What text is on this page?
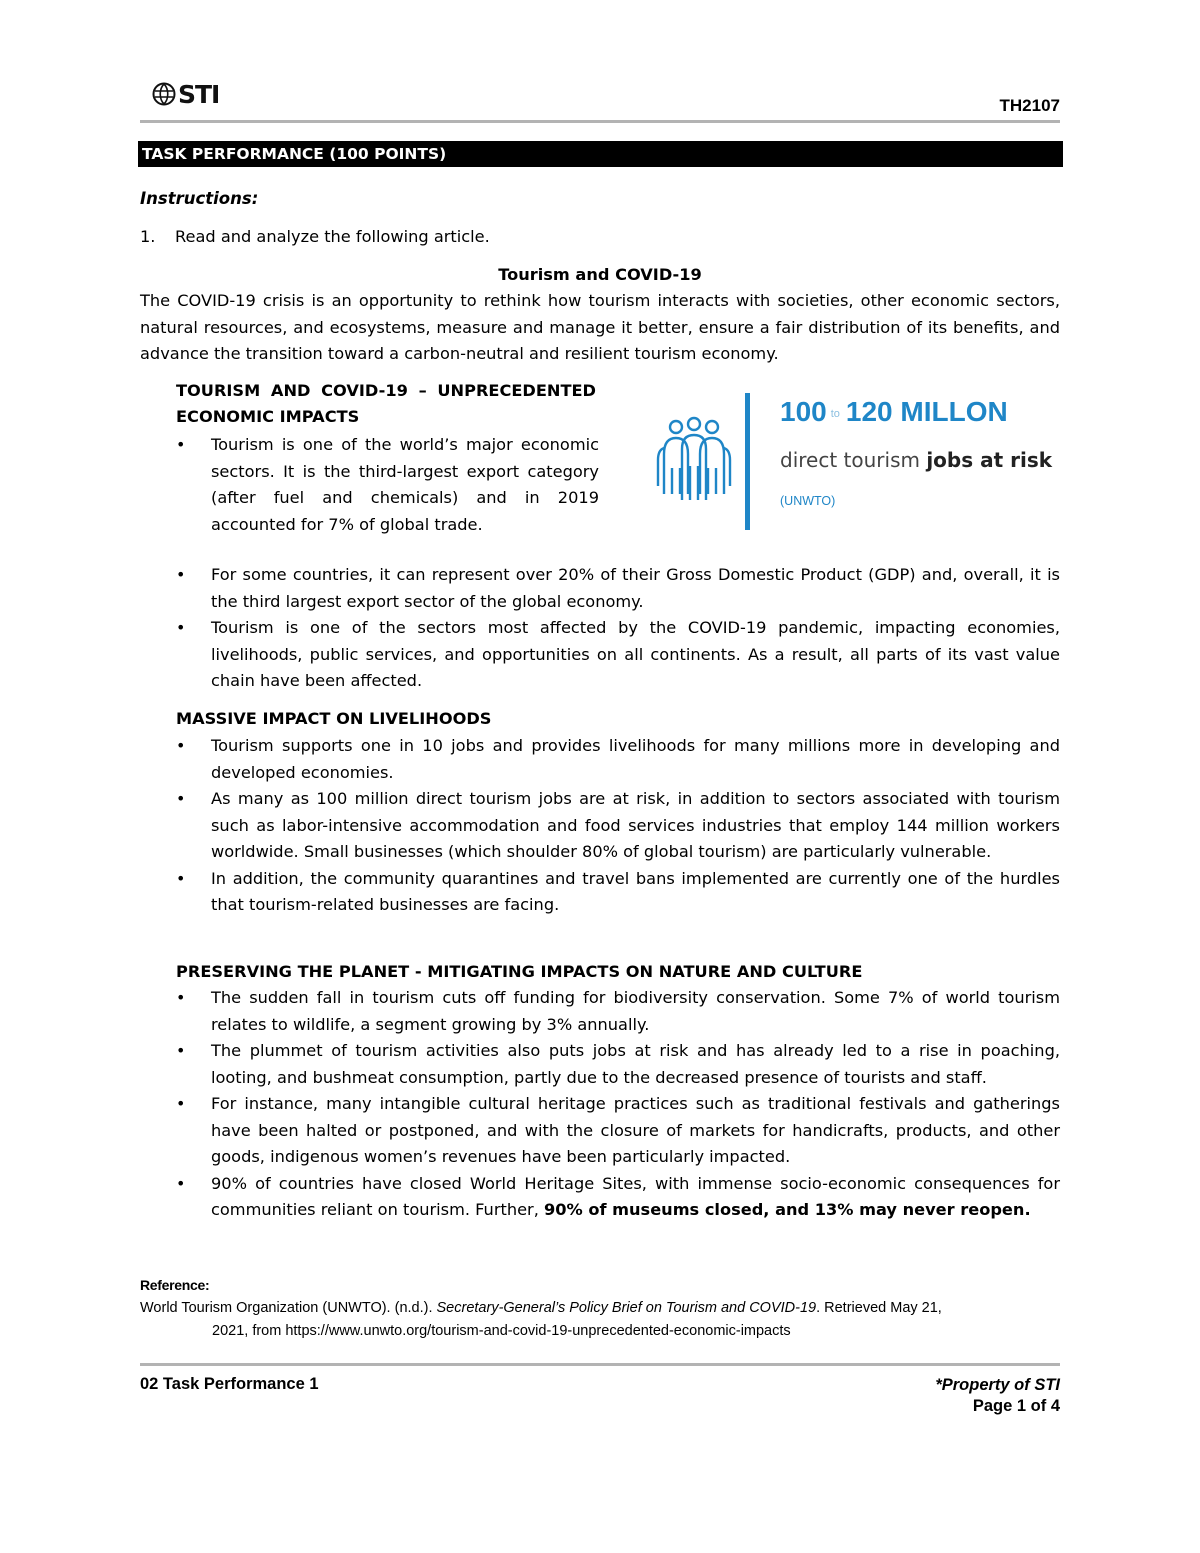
STI	TH2107
TASK PERFORMANCE (100 POINTS)
Instructions:
1. Read and analyze the following article.
Tourism and COVID-19
The COVID-19 crisis is an opportunity to rethink how tourism interacts with societies, other economic sectors, natural resources, and ecosystems, measure and manage it better, ensure a fair distribution of its benefits, and advance the transition toward a carbon-neutral and resilient tourism economy.
TOURISM AND COVID-19 – UNPRECEDENTED ECONOMIC IMPACTS
• Tourism is one of the world’s major economic sectors. It is the third-largest export category (after fuel and chemicals) and in 2019 accounted for 7% of global trade.
• For some countries, it can represent over 20% of their Gross Domestic Product (GDP) and, overall, it is the third largest export sector of the global economy.
• Tourism is one of the sectors most affected by the COVID-19 pandemic, impacting economies, livelihoods, public services, and opportunities on all continents. As a result, all parts of its vast value chain have been affected.
100 to 120 MILLON
direct tourism jobs at risk
(UNWTO)
MASSIVE IMPACT ON LIVELIHOODS
• Tourism supports one in 10 jobs and provides livelihoods for many millions more in developing and developed economies.
• As many as 100 million direct tourism jobs are at risk, in addition to sectors associated with tourism such as labor-intensive accommodation and food services industries that employ 144 million workers worldwide. Small businesses (which shoulder 80% of global tourism) are particularly vulnerable.
• In addition, the community quarantines and travel bans implemented are currently one of the hurdles that tourism-related businesses are facing.
PRESERVING THE PLANET - MITIGATING IMPACTS ON NATURE AND CULTURE
• The sudden fall in tourism cuts off funding for biodiversity conservation. Some 7% of world tourism relates to wildlife, a segment growing by 3% annually.
• The plummet of tourism activities also puts jobs at risk and has already led to a rise in poaching, looting, and bushmeat consumption, partly due to the decreased presence of tourists and staff.
• For instance, many intangible cultural heritage practices such as traditional festivals and gatherings have been halted or postponed, and with the closure of markets for handicrafts, products, and other goods, indigenous women’s revenues have been particularly impacted.
• 90% of countries have closed World Heritage Sites, with immense socio-economic consequences for communities reliant on tourism. Further, 90% of museums closed, and 13% may never reopen.
Reference:
World Tourism Organization (UNWTO). (n.d.). Secretary-General’s Policy Brief on Tourism and COVID-19. Retrieved May 21,
2021, from https://www.unwto.org/tourism-and-covid-19-unprecedented-economic-impacts
02 Task Performance 1	*Property of STI
Page 1 of 4
